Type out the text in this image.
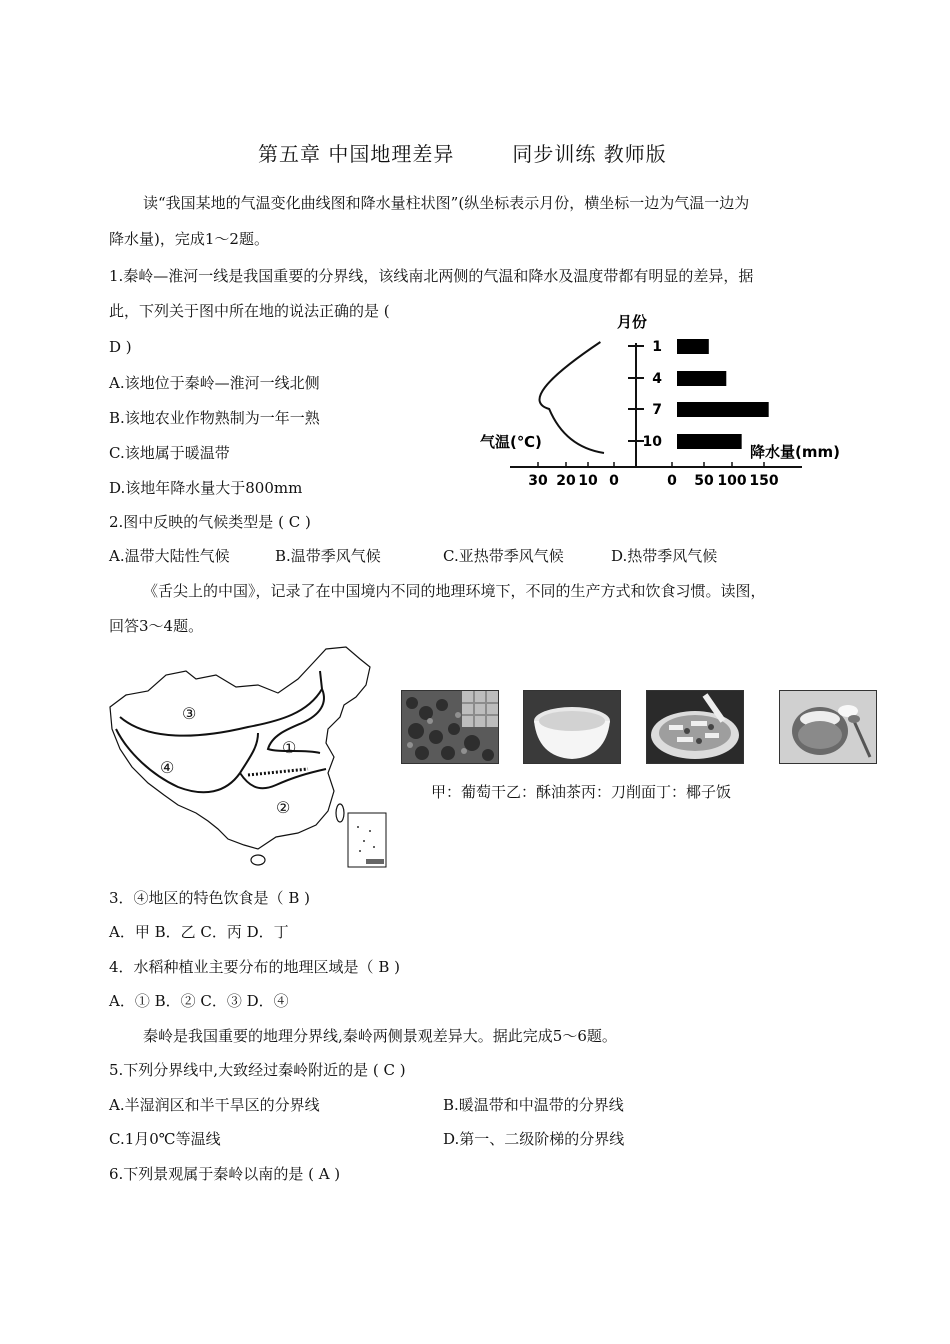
第五章 中国地理差异	同步训练 教师版
读“我国某地的气温变化曲线图和降水量柱状图”(纵坐标表示月份，横坐标一边为气温一边为
降水量)，完成1～2题。
1.秦岭—淮河一线是我国重要的分界线，该线南北两侧的气温和降水及温度带都有明显的差异，据
此，下列关于图中所在地的说法正确的是 (
D )
A.该地位于秦岭—淮河一线北侧
B.该地农业作物熟制为一年一熟
C.该地属于暖温带
D.该地年降水量大于800mm
1
4
7
10
30 20 10 0	0 50 100 150
月份
气温(℃)
降水量(mm)
2.图中反映的气候类型是 ( C )
A.温带大陆性气候	B.温带季风气候	C.亚热带季风气候	D.热带季风气候
《舌尖上的中国》，记录了在中国境内不同的地理环境下，不同的生产方式和饮食习惯。读图，
回答3～4题。
①
②
③
④
甲：葡萄干乙：酥油茶丙：刀削面丁：椰子饭
3．④地区的特色饮食是（ B )
A．甲 B．乙 C．丙 D．丁
4．水稻种植业主要分布的地理区域是（ B )
A．① B．② C．③ D．④
秦岭是我国重要的地理分界线,秦岭两侧景观差异大。据此完成5～6题。
5.下列分界线中,大致经过秦岭附近的是 ( C )
A.半湿润区和半干旱区的分界线	B.暖温带和中温带的分界线
C.1月0℃等温线	D.第一、二级阶梯的分界线
6.下列景观属于秦岭以南的是 ( A )
